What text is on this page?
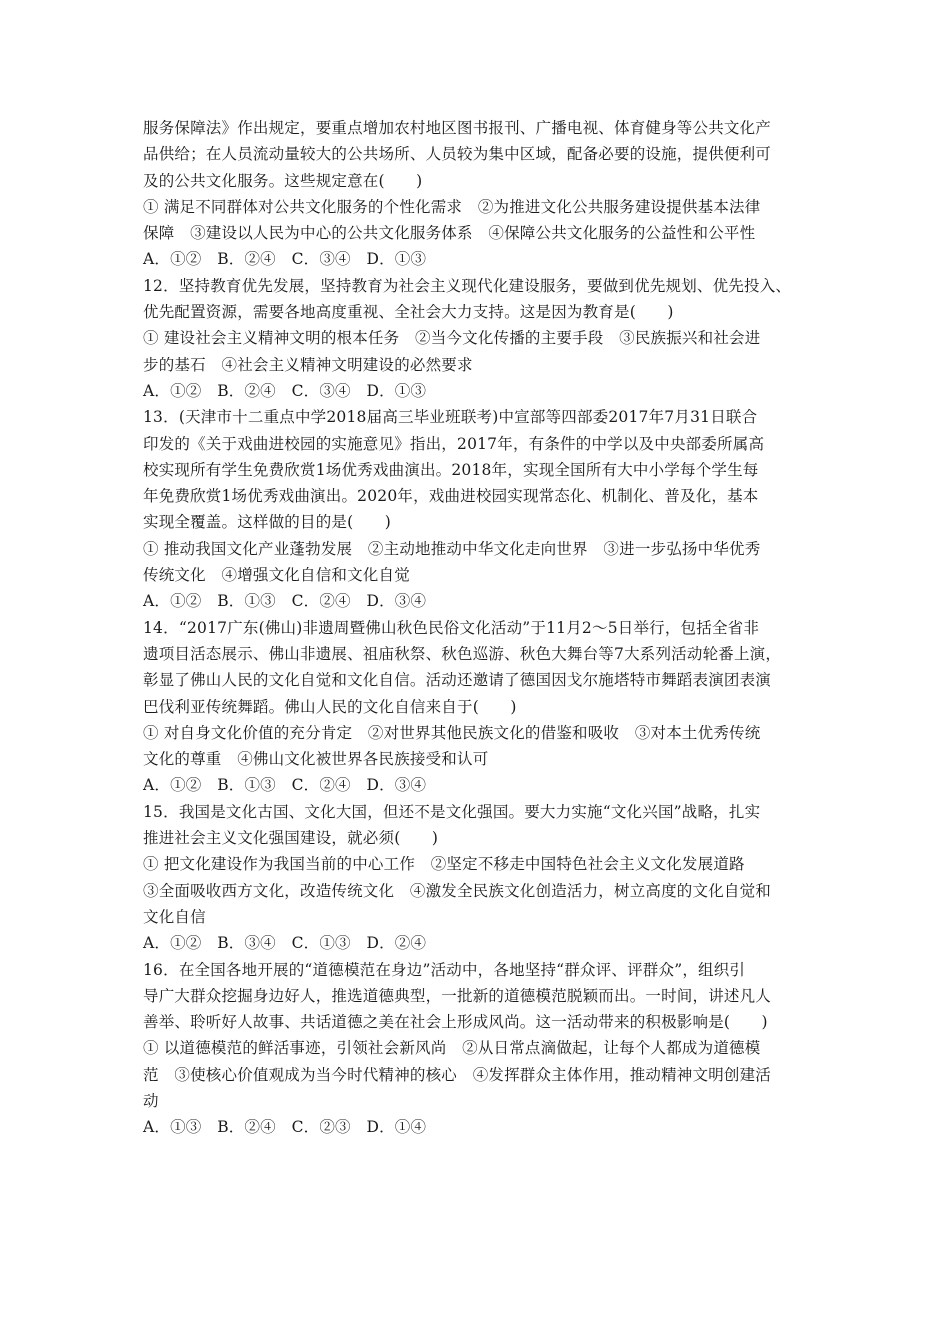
服务保障法》作出规定，要重点增加农村地区图书报刊、广播电视、体育健身等公共文化产
品供给；在人员流动量较大的公共场所、人员较为集中区域，配备必要的设施，提供便利可
及的公共文化服务。这些规定意在(　　)
① 满足不同群体对公共文化服务的个性化需求　②为推进文化公共服务建设提供基本法律
保障　③建设以人民为中心的公共文化服务体系　④保障公共文化服务的公益性和公平性
A．①②　B．②④　C．③④　D．①③
12．坚持教育优先发展，坚持教育为社会主义现代化建设服务，要做到优先规划、优先投入、
优先配置资源，需要各地高度重视、全社会大力支持。这是因为教育是(　　)
① 建设社会主义精神文明的根本任务　②当今文化传播的主要手段　③民族振兴和社会进
步的基石　④社会主义精神文明建设的必然要求
A．①②　B．②④　C．③④　D．①③
13．(天津市十二重点中学2018届高三毕业班联考)中宣部等四部委2017年7月31日联合
印发的《关于戏曲进校园的实施意见》指出，2017年，有条件的中学以及中央部委所属高
校实现所有学生免费欣赏1场优秀戏曲演出。2018年，实现全国所有大中小学每个学生每
年免费欣赏1场优秀戏曲演出。2020年，戏曲进校园实现常态化、机制化、普及化，基本
实现全覆盖。这样做的目的是(　　)
① 推动我国文化产业蓬勃发展　②主动地推动中华文化走向世界　③进一步弘扬中华优秀
传统文化　④增强文化自信和文化自觉
A．①②　B．①③　C．②④　D．③④
14．“2017广东(佛山)非遗周暨佛山秋色民俗文化活动”于11月2～5日举行，包括全省非
遗项目活态展示、佛山非遗展、祖庙秋祭、秋色巡游、秋色大舞台等7大系列活动轮番上演，
彰显了佛山人民的文化自觉和文化自信。活动还邀请了德国因戈尔施塔特市舞蹈表演团表演
巴伐利亚传统舞蹈。佛山人民的文化自信来自于(　　)
① 对自身文化价值的充分肯定　②对世界其他民族文化的借鉴和吸收　③对本土优秀传统
文化的尊重　④佛山文化被世界各民族接受和认可
A．①②　B．①③　C．②④　D．③④
15．我国是文化古国、文化大国，但还不是文化强国。要大力实施“文化兴国”战略，扎实
推进社会主义文化强国建设，就必须(　　)
① 把文化建设作为我国当前的中心工作　②坚定不移走中国特色社会主义文化发展道路
③全面吸收西方文化，改造传统文化　④激发全民族文化创造活力，树立高度的文化自觉和
文化自信
A．①②　B．③④　C．①③　D．②④
16．在全国各地开展的“道德模范在身边”活动中，各地坚持“群众评、评群众”，组织引
导广大群众挖掘身边好人，推选道德典型，一批新的道德模范脱颖而出。一时间，讲述凡人
善举、聆听好人故事、共话道德之美在社会上形成风尚。这一活动带来的积极影响是(　　)
① 以道德模范的鲜活事迹，引领社会新风尚　②从日常点滴做起，让每个人都成为道德模
范　③使核心价值观成为当今时代精神的核心　④发挥群众主体作用，推动精神文明创建活
动
A．①③　B．②④　C．②③　D．①④
